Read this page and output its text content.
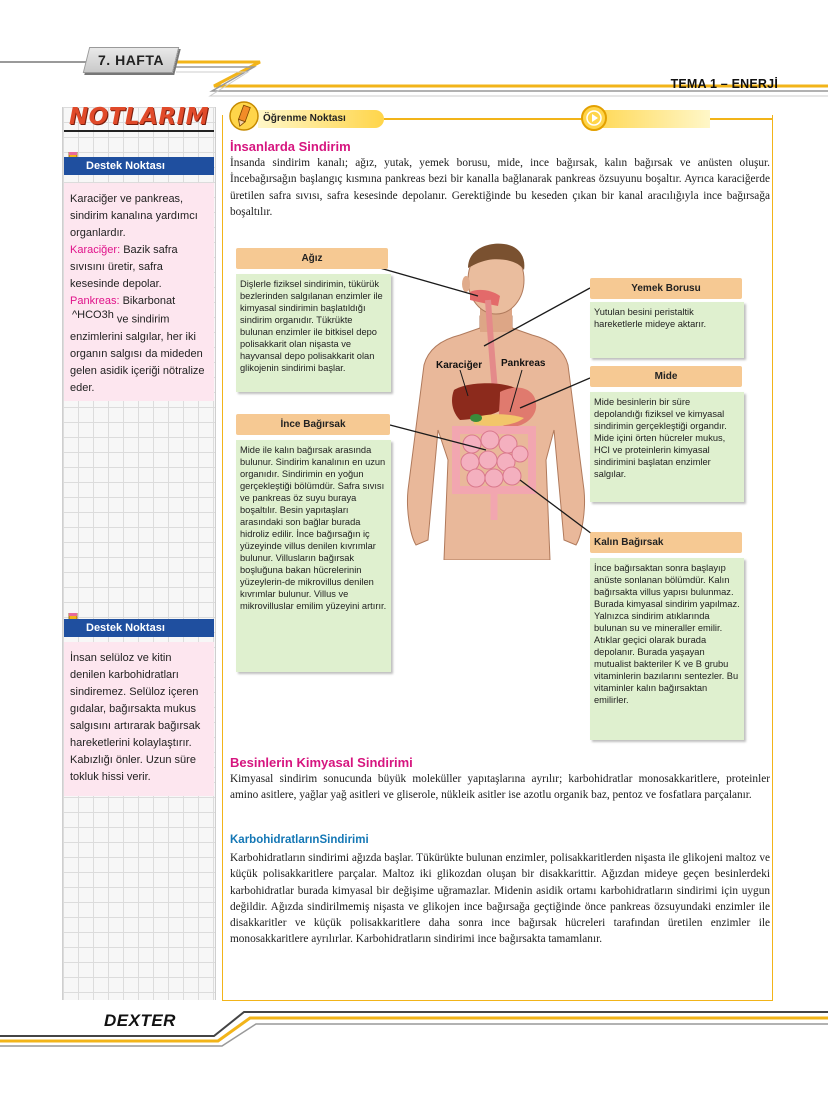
7. HAFTA
TEMA 1 – ENERJİ
NOTLARIM
Destek Noktası
Karaciğer ve pankreas, sindirim kanalına yardımcı organlardır.
Karaciğer: Bazik safra sıvısını üretir, safra kesesinde depolar.
Pankreas: Bikarbonat
^HCO3h ve sindirim enzimlerini salgılar, her iki organın salgısı da mideden gelen asidik içeriği nötralize eder.
Destek Noktası
İnsan selüloz ve kitin denilen karbohidratları sindiremez. Selüloz içeren gıdalar, bağırsakta mukus salgısını artırarak bağırsak hareketlerini kolaylaştırır. Kabızlığı önler. Uzun süre tokluk hissi verir.
Öğrenme Noktası
İnsanlarda Sindirim
İnsanda sindirim kanalı; ağız, yutak, yemek borusu, mide, ince bağırsak, kalın bağırsak ve anüsten oluşur. İncebağırsağın başlangıç kısmına pankreas bezi bir kanalla bağlanarak pankreas özsuyunu boşaltır. Ayrıca karaciğerde üretilen safra sıvısı, safra kesesinde depolanır. Gerektiğinde bu keseden çıkan bir kanal aracılığıyla ince bağırsağa boşaltılır.
Ağız
Dişlerle fiziksel sindirimin, tükürük bezlerinden salgılanan enzimler ile kimyasal sindirimin başlatıldığı sindirim organıdır. Tükrükte bulunan enzimler ile bitkisel depo polisakkarit olan nişasta ve hayvansal depo polisakkarit olan glikojenin sindirimi başlar.
İnce Bağırsak
Mide ile kalın bağırsak arasında bulunur. Sindirim kanalının en uzun organıdır. Sindirimin en yoğun gerçekleştiği bölümdür. Safra sıvısı ve pankreas öz suyu buraya boşaltılır. Besin yapıtaşları arasındaki son bağlar burada hidroliz edilir. İnce bağırsağın iç yüzeyinde villus denilen kıvrımlar bulunur. Villusların bağırsak boşluğuna bakan hücrelerinin yüzeylerin-de mikrovillus denilen kıvrımlar bulunur. Villus ve mikrovilluslar emilim yüzeyini artırır.
Yemek Borusu
Yutulan besini peristaltik hareketlerle mideye aktarır.
Mide
Mide besinlerin bir süre depolandığı fiziksel ve kimyasal sindirimin gerçekleştiği organdır. Mide içini örten hücreler mukus, HCI ve proteinlerin kimyasal sindirimini başlatan enzimler salgılar.
Kalın Bağırsak
İnce bağırsaktan sonra başlayıp anüste sonlanan bölümdür. Kalın bağırsakta villus yapısı bulunmaz. Burada kimyasal sindirim yapılmaz. Yalnızca sindirim atıklarında bulunan su ve mineraller emilir. Atıklar geçici olarak burada depolanır. Burada yaşayan mutualist bakteriler K ve B grubu vitaminlerin bazılarını sentezler. Bu vitaminler kalın bağırsaktan emilirler.
Karaciğer Pankreas
Besinlerin Kimyasal Sindirimi
Kimyasal sindirim sonucunda büyük moleküller yapıtaşlarına ayrılır; karbohidratlar monosakkaritlere, proteinler amino asitlere, yağlar yağ asitleri ve gliserole, nükleik asitler ise azotlu organik baz, pentoz ve fosfatlara parçalanır.
KarbohidratlarınSindirimi
Karbohidratların sindirimi ağızda başlar. Tükürükte bulunan enzimler, polisakkaritlerden nişasta ile glikojeni maltoz ve küçük polisakkaritlere parçalar. Maltoz iki glikozdan oluşan bir disakkarittir. Ağızdan mideye geçen besinlerdeki karbohidratlar burada kimyasal bir değişime uğramazlar. Midenin asidik ortamı karbohidratların sindirimi için uygun değildir. Ağızda sindirilmemiş nişasta ve glikojen ince bağırsağa geçtiğinde önce pankreas özsuyundaki enzimler ile disakkaritler ve küçük polisakkaritlere daha sonra ince bağırsak hücreleri tarafından üretilen enzimler ile monosakkaritlere ayrılırlar. Karbohidratların sindirimi ince bağırsakta tamamlanır.
DEXTER
